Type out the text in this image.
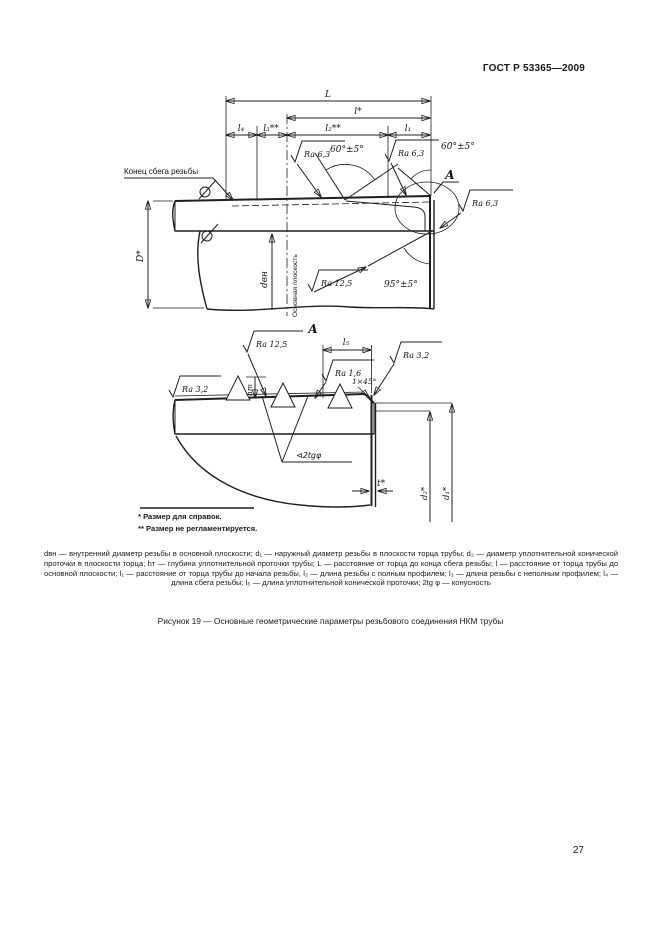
ГОСТ Р 53365—2009
L
l*
l₄ l₃**	l₂**	l₁
D*
dвн	Основная плоскость
Конец сбега резьбы
60°±5°	60°±5°
Ra 6,3	Ra 6,3
Ra 6,3
Ra 12,5	95°±5°
А
А
⊲2tgφ
hт
l₅
Ra 12,5
Ra 1,6
Ra 3,2
Ra 3,2
1×45°
t*
d₂* d₁*
* Размер для справок.
** Размер не регламентируется.
dвн — внутренний диаметр резьбы в основной плоскости; d₁ — наружный диаметр резьбы в плоскости торца трубы; d₂ — диаметр уплотнительной конической проточки в плоскости торца; hт — глубина уплотнительной проточки трубы; L — расстояние от торца до конца сбега резьбы; l — расстояние от торца трубы до основной плоскости; l₁ — расстояние от торца трубы до начала резьбы, l₂ — длина резьбы с полным профилем; l₃ — длина резьбы с неполным профилем; l₄ — длина сбега резьбы; l₅ — длина уплотнительной конической проточки; 2tg φ — конусность
Рисунок 19 — Основные геометрические параметры резьбового соединения НКМ трубы
27
